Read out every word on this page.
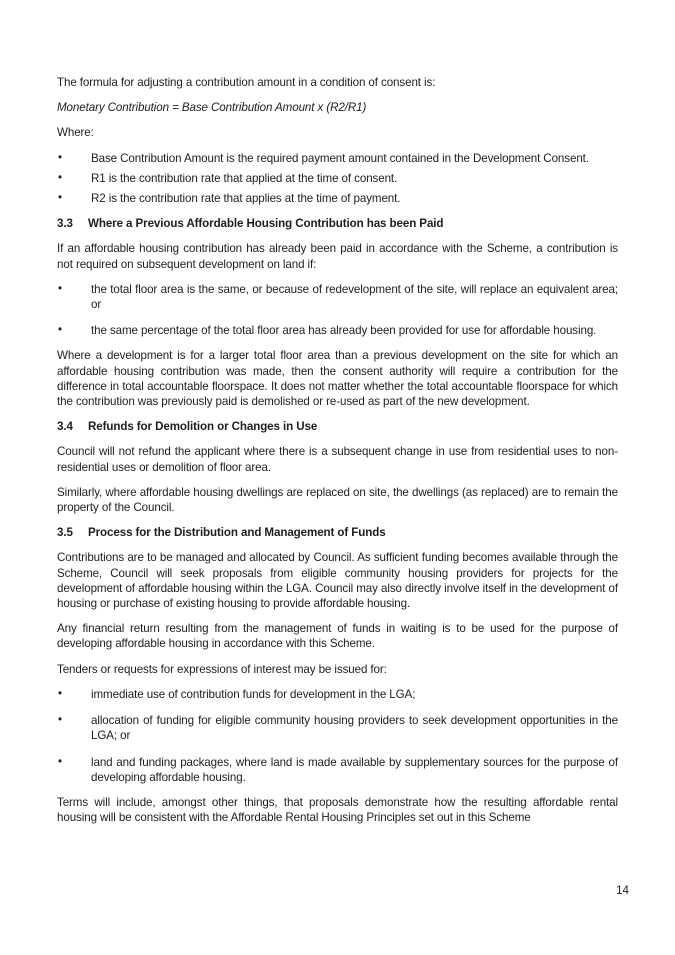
The formula for adjusting a contribution amount in a condition of consent is:

Monetary Contribution = Base Contribution Amount x (R2/R1)

Where:

•	Base Contribution Amount is the required payment amount contained in the Development Consent.
•	R1 is the contribution rate that applied at the time of consent.
•	R2 is the contribution rate that applies at the time of payment.
3.3	Where a Previous Affordable Housing Contribution has been Paid

If an affordable housing contribution has already been paid in accordance with the Scheme, a contribution is not required on subsequent development on land if:

•	the total floor area is the same, or because of redevelopment of the site, will replace an equivalent area; or
•	the same percentage of the total floor area has already been provided for use for affordable housing.

Where a development is for a larger total floor area than a previous development on the site for which an affordable housing contribution was made, then the consent authority will require a contribution for the difference in total accountable floorspace. It does not matter whether the total accountable floorspace for which the contribution was previously paid is demolished or re-used as part of the new development.

3.4	Refunds for Demolition or Changes in Use

Council will not refund the applicant where there is a subsequent change in use from residential uses to non-residential uses or demolition of floor area.

Similarly, where affordable housing dwellings are replaced on site, the dwellings (as replaced) are to remain the property of the Council.

3.5	Process for the Distribution and Management of Funds

Contributions are to be managed and allocated by Council. As sufficient funding becomes available through the Scheme, Council will seek proposals from eligible community housing providers for projects for the development of affordable housing within the LGA. Council may also directly involve itself in the development of housing or purchase of existing housing to provide affordable housing.

Any financial return resulting from the management of funds in waiting is to be used for the purpose of developing affordable housing in accordance with this Scheme.

Tenders or requests for expressions of interest may be issued for:

•	immediate use of contribution funds for development in the LGA;
•	allocation of funding for eligible community housing providers to seek development opportunities in the LGA; or
•	land and funding packages, where land is made available by supplementary sources for the purpose of developing affordable housing.

Terms will include, amongst other things, that proposals demonstrate how the resulting affordable rental housing will be consistent with the Affordable Rental Housing Principles set out in this Scheme

14
